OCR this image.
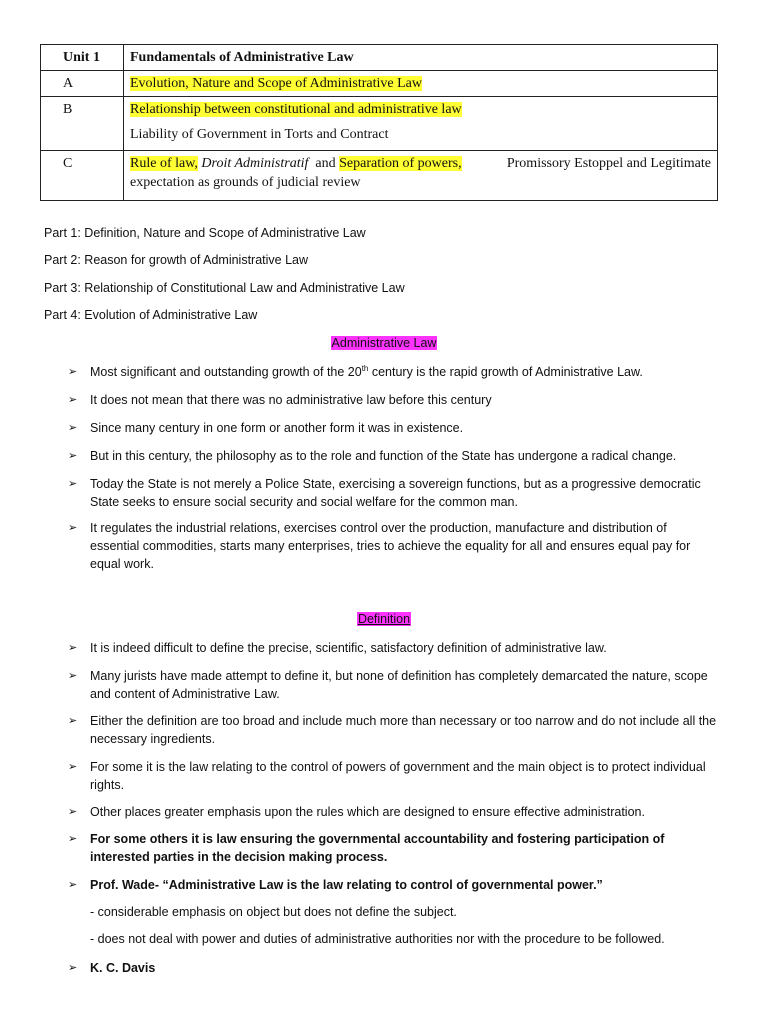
Unit 1	Fundamentals of Administrative Law
A	Evolution, Nature and Scope of Administrative Law
B	Relationship between constitutional and administrative law
Liability of Government in Torts and Contract

C	Rule of law, Droit Administratif and Separation of powers, Promissory Estoppel and Legitimate
expectation as grounds of judicial review
Part 1: Definition, Nature and Scope of Administrative Law
Part 2: Reason for growth of Administrative Law
Part 3: Relationship of Constitutional Law and Administrative Law
Part 4: Evolution of Administrative Law
Administrative Law
➢ Most significant and outstanding growth of the 20th century is the rapid growth of Administrative Law.
➢ It does not mean that there was no administrative law before this century
➢ Since many century in one form or another form it was in existence.
➢ But in this century, the philosophy as to the role and function of the State has undergone a radical change.
➢ Today the State is not merely a Police State, exercising a sovereign functions, but as a progressive democratic State seeks to ensure social security and social welfare for the common man.
➢ It regulates the industrial relations, exercises control over the production, manufacture and distribution of essential commodities, starts many enterprises, tries to achieve the equality for all and ensures equal pay for equal work.
Definition
➢ It is indeed difficult to define the precise, scientific, satisfactory definition of administrative law.
➢ Many jurists have made attempt to define it, but none of definition has completely demarcated the nature, scope and content of Administrative Law.
➢ Either the definition are too broad and include much more than necessary or too narrow and do not include all the necessary ingredients.
➢ For some it is the law relating to the control of powers of government and the main object is to protect individual rights.
➢ Other places greater emphasis upon the rules which are designed to ensure effective administration.
➢ For some others it is law ensuring the governmental accountability and fostering participation of interested parties in the decision making process.
➢ Prof. Wade- “Administrative Law is the law relating to control of governmental power.”
- considerable emphasis on object but does not define the subject.
- does not deal with power and duties of administrative authorities nor with the procedure to be followed.
➢ K. C. Davis
